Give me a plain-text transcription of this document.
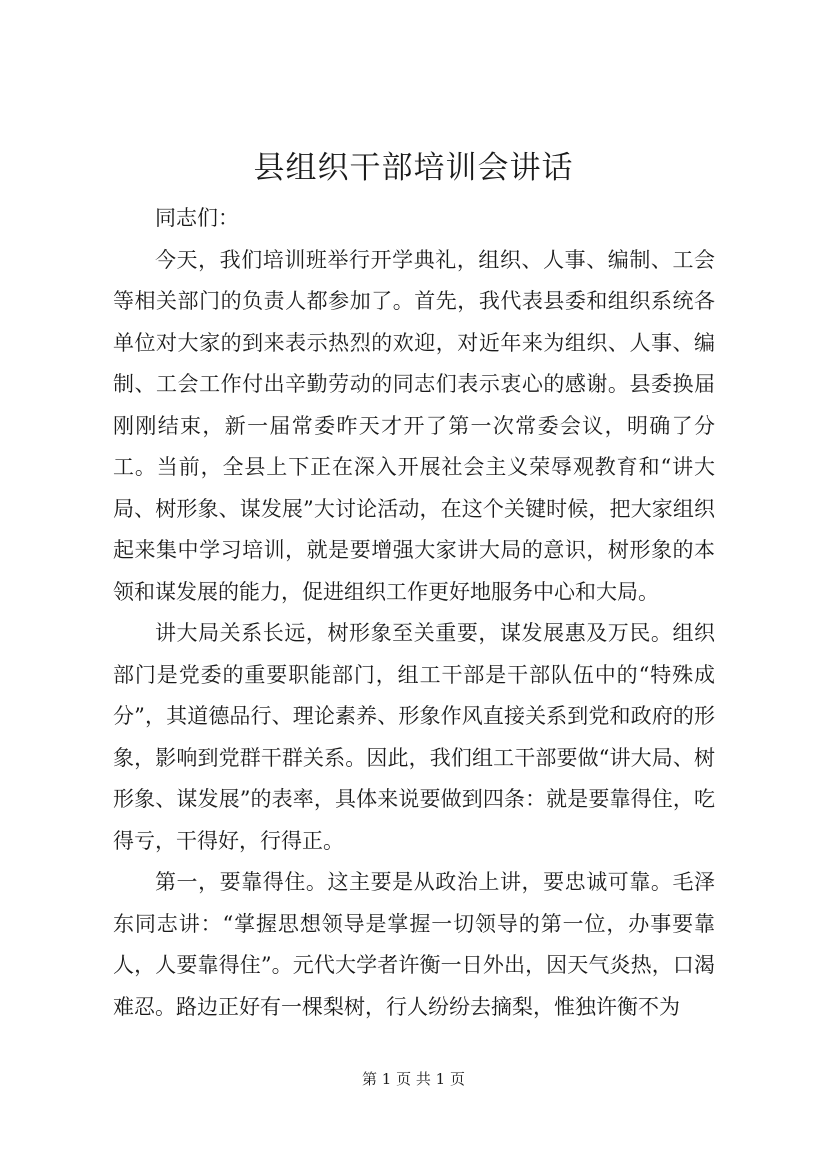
县组织干部培训会讲话

同志们：

今天，我们培训班举行开学典礼，组织、人事、编制、工会等相关部门的负责人都参加了。首先，我代表县委和组织系统各单位对大家的到来表示热烈的欢迎，对近年来为组织、人事、编制、工会工作付出辛勤劳动的同志们表示衷心的感谢。县委换届刚刚结束，新一届常委昨天才开了第一次常委会议，明确了分工。当前，全县上下正在深入开展社会主义荣辱观教育和“讲大局、树形象、谋发展”大讨论活动，在这个关键时候，把大家组织起来集中学习培训，就是要增强大家讲大局的意识，树形象的本领和谋发展的能力，促进组织工作更好地服务中心和大局。

讲大局关系长远，树形象至关重要，谋发展惠及万民。组织部门是党委的重要职能部门，组工干部是干部队伍中的“特殊成分”，其道德品行、理论素养、形象作风直接关系到党和政府的形象，影响到党群干群关系。因此，我们组工干部要做“讲大局、树形象、谋发展”的表率，具体来说要做到四条：就是要靠得住，吃得亏，干得好，行得正。

第一，要靠得住。这主要是从政治上讲，要忠诚可靠。毛泽东同志讲：“掌握思想领导是掌握一切领导的第一位，办事要靠人，人要靠得住”。元代大学者许衡一日外出，因天气炎热，口渴难忍。路边正好有一棵梨树，行人纷纷去摘梨，惟独许衡不为

第 1 页 共 1 页
